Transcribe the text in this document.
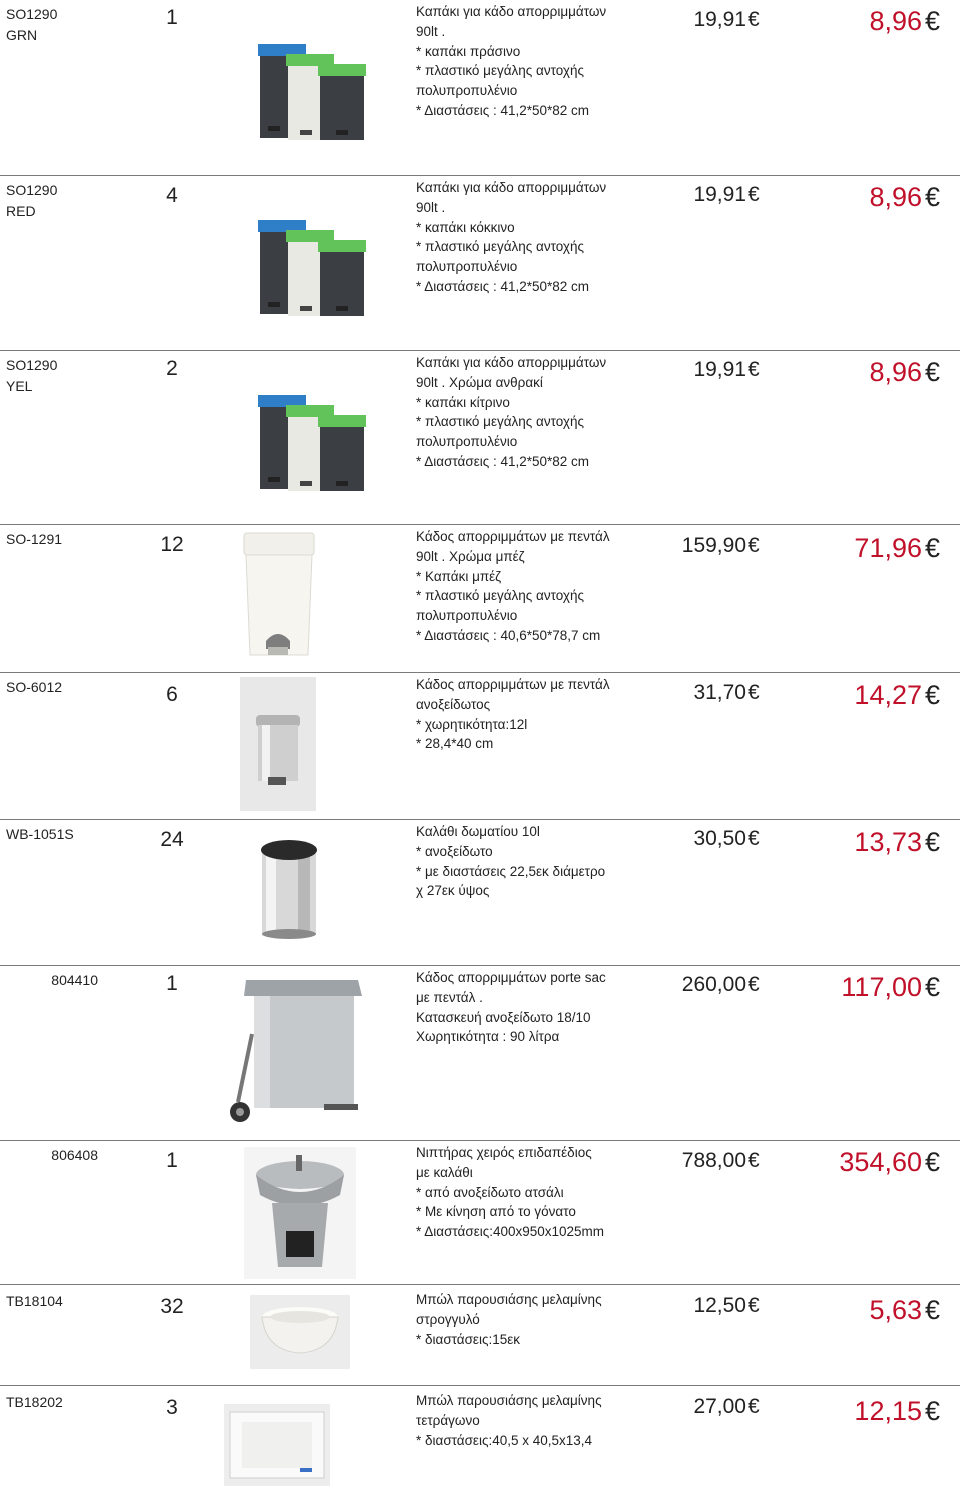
SO1290
GRN
1	Καπάκι για κάδο απορριμμάτων
90lt .
* καπάκι πράσινο
* πλαστικό μεγάλης αντοχής
πολυπροπυλένιο
* Διαστάσεις : 41,2*50*82 cm
19,91 €	8,96 €
SO1290
RED
4	Καπάκι για κάδο απορριμμάτων
90lt .
* καπάκι κόκκινο
* πλαστικό μεγάλης αντοχής
πολυπροπυλένιο
* Διαστάσεις : 41,2*50*82 cm
19,91 €	8,96 €
SO1290
YEL
2	Καπάκι για κάδο απορριμμάτων
90lt . Χρώμα ανθρακί
* καπάκι κίτρινο
* πλαστικό μεγάλης αντοχής
πολυπροπυλένιο
* Διαστάσεις : 41,2*50*82 cm
19,91 €	8,96 €
SO-1291	12	Κάδος απορριμμάτων με πεντάλ
90lt . Χρώμα μπέζ
* Καπάκι μπέζ
* πλαστικό μεγάλης αντοχής
πολυπροπυλένιο
* Διαστάσεις : 40,6*50*78,7 cm
159,90 €	71,96 €
SO-6012	6	Κάδος απορριμμάτων με πεντάλ
ανοξείδωτος
* χωρητικότητα:12l
* 28,4*40 cm
31,70 €	14,27 €
WB-1051S	24	Καλάθι δωματίου 10l
* ανοξείδωτο
* με διαστάσεις 22,5εκ διάμετρο
χ 27εκ ύψος
30,50 €	13,73 €
804410	1	Κάδος απορριμμάτων porte sac
με πεντάλ .
Κατασκευή ανοξείδωτο 18/10
Χωρητικότητα : 90 λίτρα
260,00 €	117,00 €
806408	1	Νιπτήρας χειρός επιδαπέδιος
με καλάθι
* από ανοξείδωτο ατσάλι
* Με κίνηση από το γόνατο
* Διαστάσεις:400x950x1025mm
788,00 €	354,60 €
TB18104	32	Μπώλ παρουσιάσης μελαμίνης
στρογγυλό
* διαστάσεις:15εκ
12,50 €	5,63 €
TB18202	3	Μπώλ παρουσιάσης μελαμίνης
τετράγωνο
* διαστάσεις:40,5 x 40,5x13,4
27,00 €	12,15 €
